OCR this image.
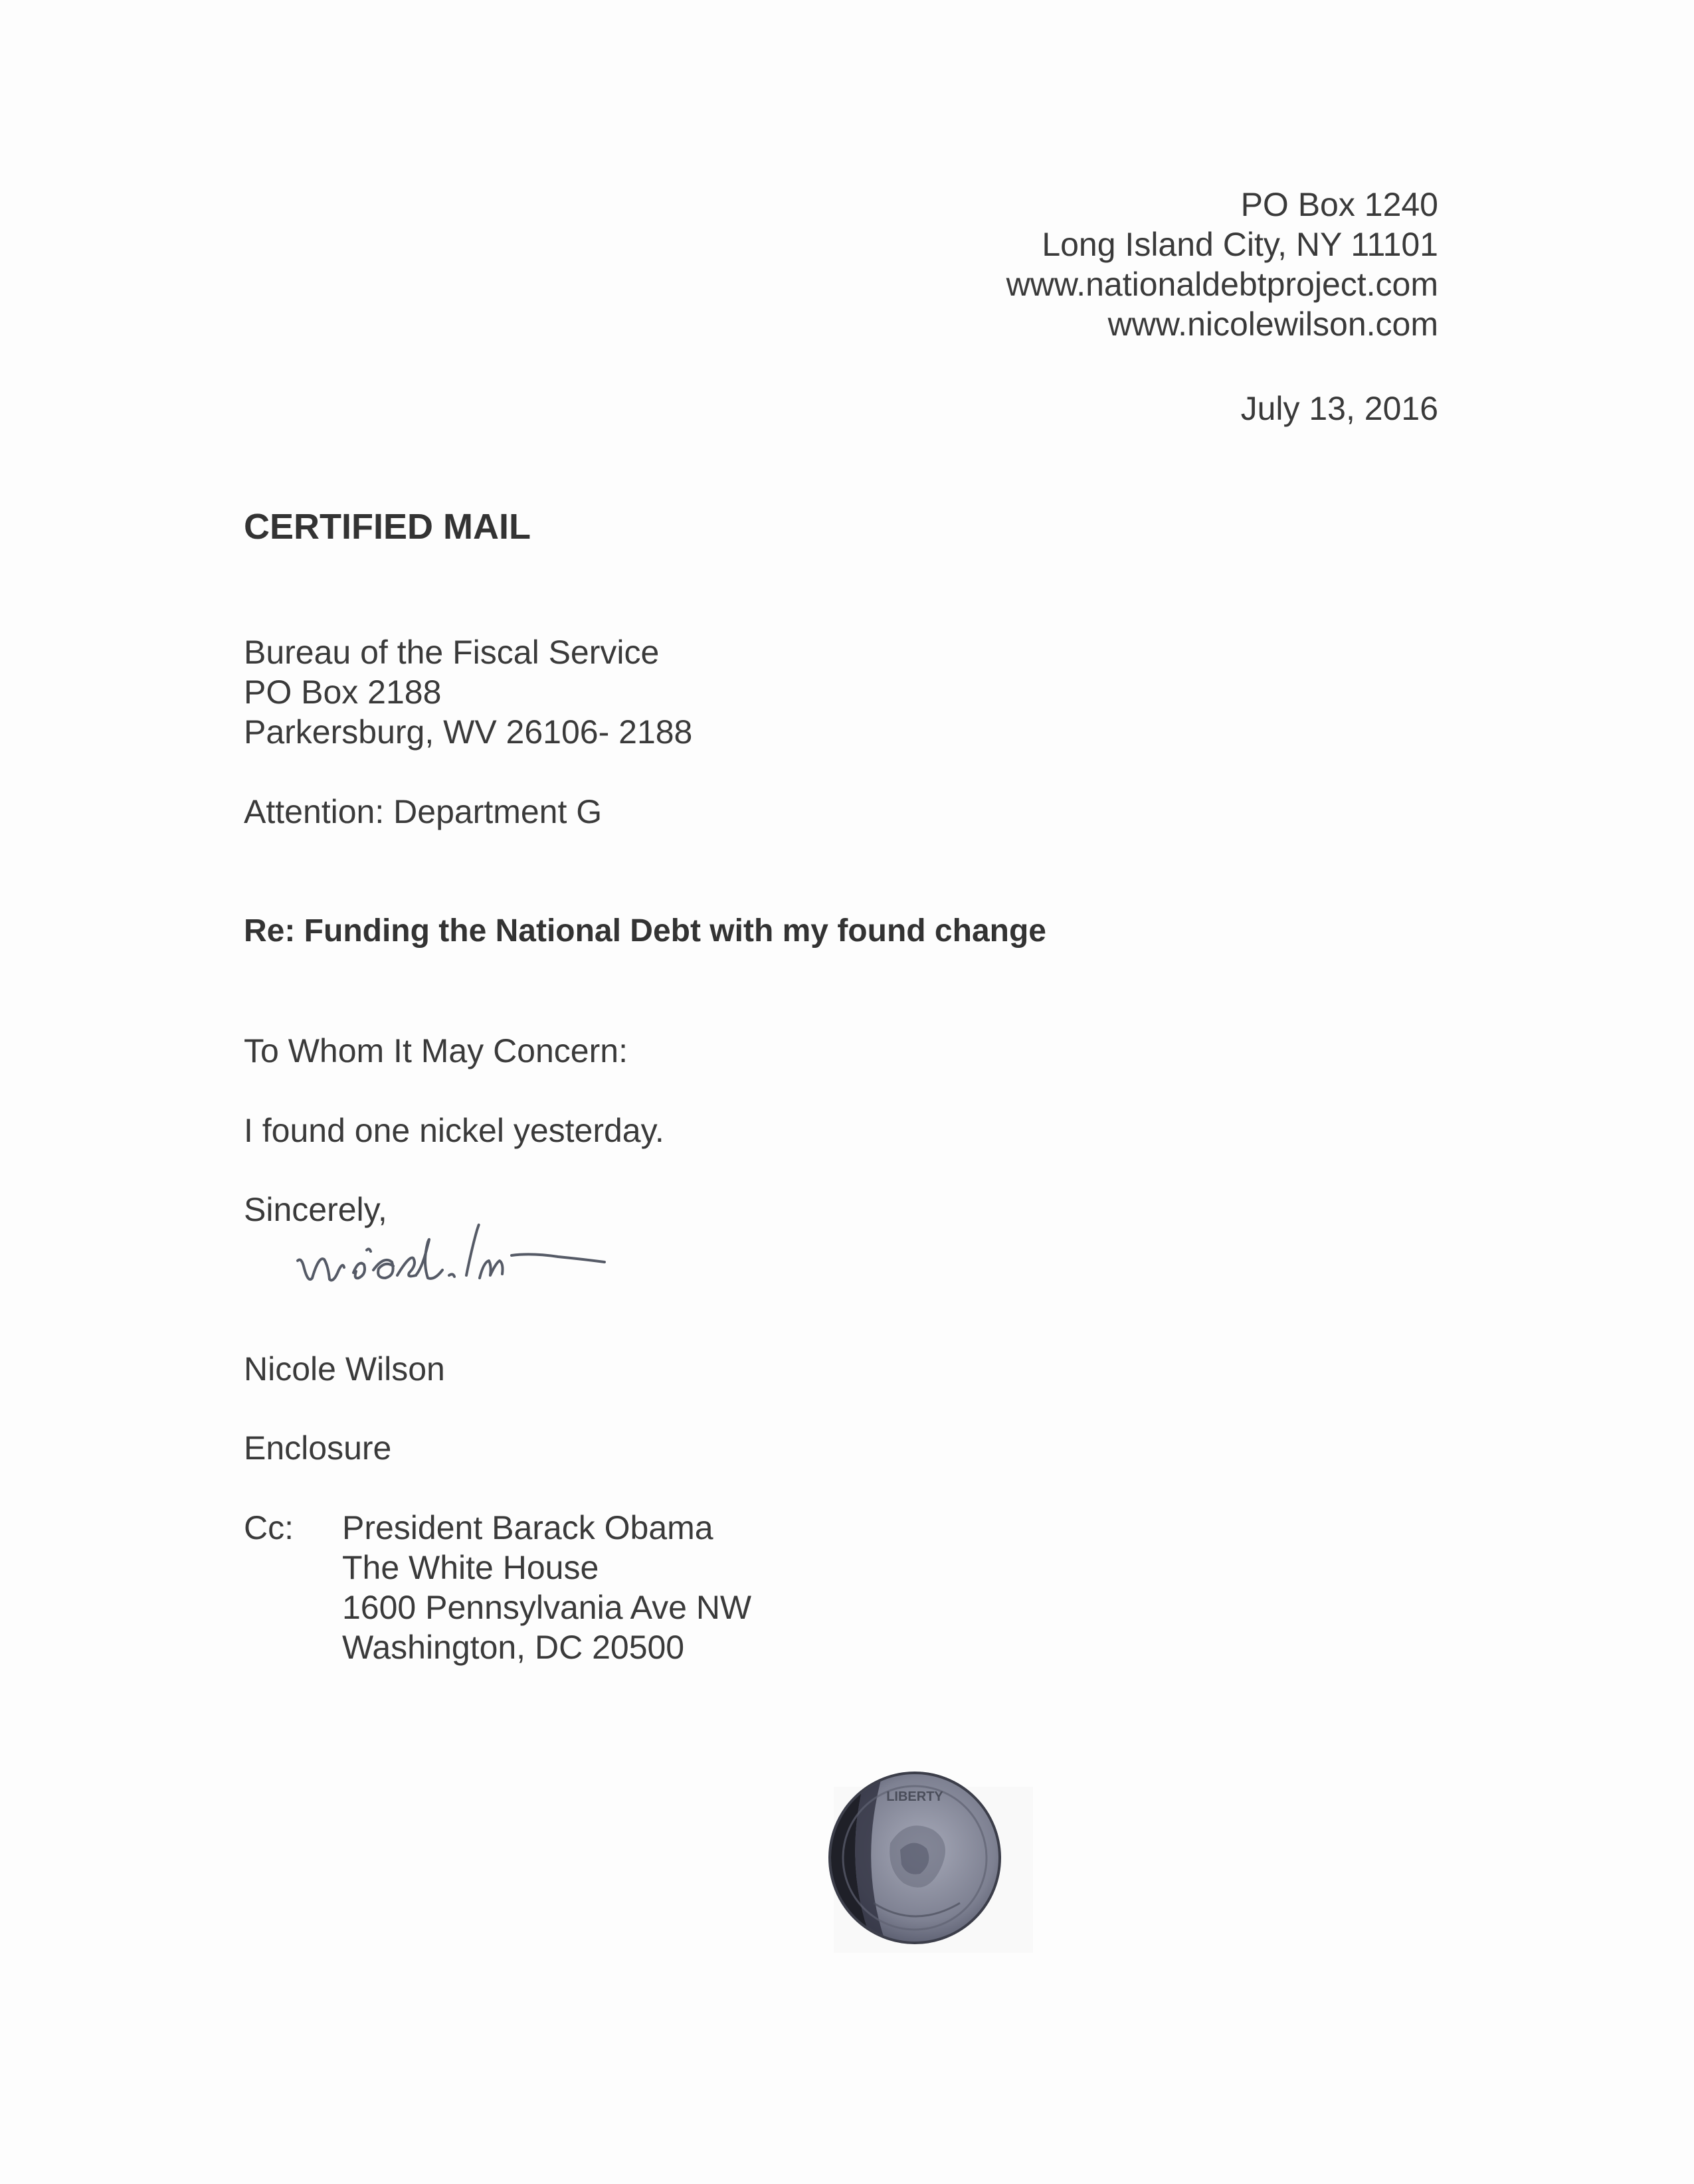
PO Box 1240
Long Island City, NY 11101
www.nationaldebtproject.com
www.nicolewilson.com
July 13, 2016
CERTIFIED MAIL
Bureau of the Fiscal Service
PO Box 2188
Parkersburg, WV 26106- 2188
Attention: Department G
Re: Funding the National Debt with my found change
To Whom It May Concern:
I found one nickel yesterday.
Sincerely,
Nicole Wilson
Enclosure
Cc: President Barack Obama
The White House
1600 Pennsylvania Ave NW
Washington, DC 20500
LIBERTY
